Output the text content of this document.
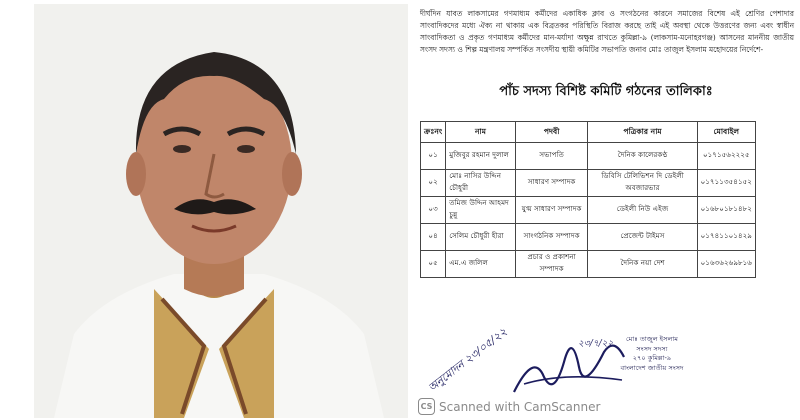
দীর্ঘদিন যাবত লাকসামের গণমাধ্যম কর্মীদের একাধিক ক্লাব ও সংগঠনের কারনে সমাজের বিশেষ এই শ্রেণির পেশাদার সাংবাদিকদের মধ্যে ঐক্য না থাকায় এক বিব্রতকর পরিস্থিতি বিরাজ করছে তাই এই অবস্থা থেকে উত্তরণের জন্য এবং স্বাধীন সাংবাদিকতা ও প্রকৃত গণমাধ্যম কর্মীদের মান-মর্যাদা অক্ষুন্ন রাখতে কুমিল্লা-৯ (লাকসাম-মনোহরগঞ্জ) আসনের মাননীয় জাতীয় সংসদ সদস্য ও শিল্প মন্ত্রণালয় সম্পর্কিত সংসদীয় স্থায়ী কমিটির সভাপতি জনাব মোঃ তাজুল ইসলাম মহোদয়ের নির্দেশে-
পাঁচ সদস্য বিশিষ্ট কমিটি গঠনের তালিকাঃ
ক্রঃনং	নাম	পদবী	পত্রিকার নাম	মোবাইল
০১	মুজিবুর রহমান দুলাল	সভাপতি	দৈনিক কালেরকণ্ঠ	০১৭১৫৬২২২৫
০২	মোঃ নাসির উদ্দিন চৌধুরী	সাধারণ সম্পাদক	ডিবিসি টেলিভিশন দি ডেইলী অবজারভার	০১৭১১৩৫৪১৫২
০৩	তমিজ উদ্দিন আহমদ চুন্নু	যুগ্ম সাধারণ সম্পাদক	ডেইলী নিউ এইজ	০১৬৮০১৮১৪৮২
০৪	সেলিম চৌধুরী হীরা	সাংগঠনিক সম্পাদক	প্রেজেন্ট টাইমস	০১৭৪১১০১৪২৯
০৫	এম.এ জলিল	প্রচার ও প্রকাশনা সম্পাদক	দৈনিক নয়া দেশ	০১৬৩৬২৬৯৮১৬
অনুমোদন ২৩/০৫/২২	২৩/৭/২২	মোঃ তাজুল ইসলাম
সংসদ সদস্য
২৭০ কুমিল্লা-৯
বাংলাদেশ জাতীয় সংসদ
CS Scanned with CamScanner
